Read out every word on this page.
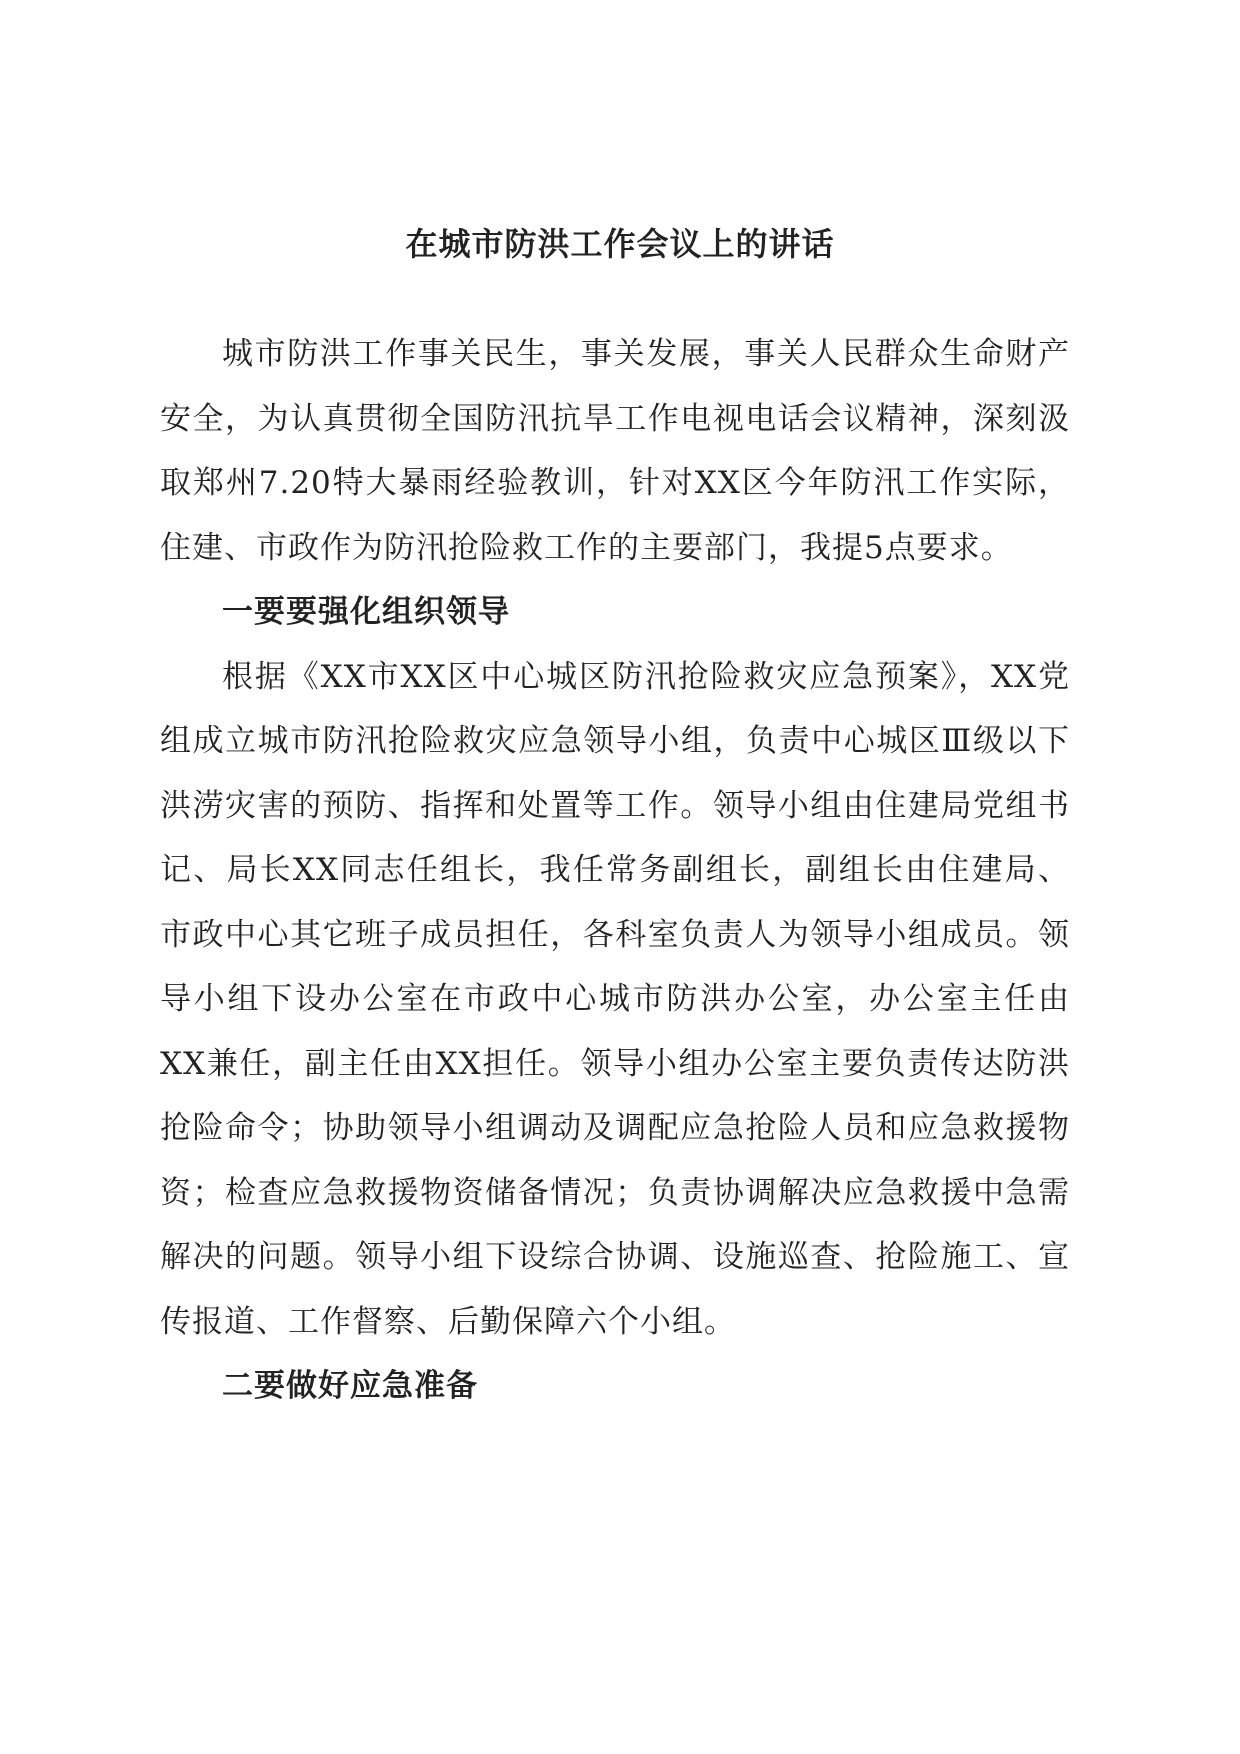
在城市防洪工作会议上的讲话

城市防洪工作事关民生，事关发展，事关人民群众生命财产安全，为认真贯彻全国防汛抗旱工作电视电话会议精神，深刻汲取郑州7.20特大暴雨经验教训，针对XX区今年防汛工作实际，住建、市政作为防汛抢险救工作的主要部门，我提5点要求。

一要要强化组织领导

根据《XX市XX区中心城区防汛抢险救灾应急预案》，XX党组成立城市防汛抢险救灾应急领导小组，负责中心城区Ⅲ级以下洪涝灾害的预防、指挥和处置等工作。领导小组由住建局党组书记、局长XX同志任组长，我任常务副组长，副组长由住建局、市政中心其它班子成员担任，各科室负责人为领导小组成员。领导小组下设办公室在市政中心城市防洪办公室，办公室主任由XX兼任，副主任由XX担任。领导小组办公室主要负责传达防洪抢险命令；协助领导小组调动及调配应急抢险人员和应急救援物资；检查应急救援物资储备情况；负责协调解决应急救援中急需解决的问题。领导小组下设综合协调、设施巡查、抢险施工、宣传报道、工作督察、后勤保障六个小组。

二要做好应急准备
